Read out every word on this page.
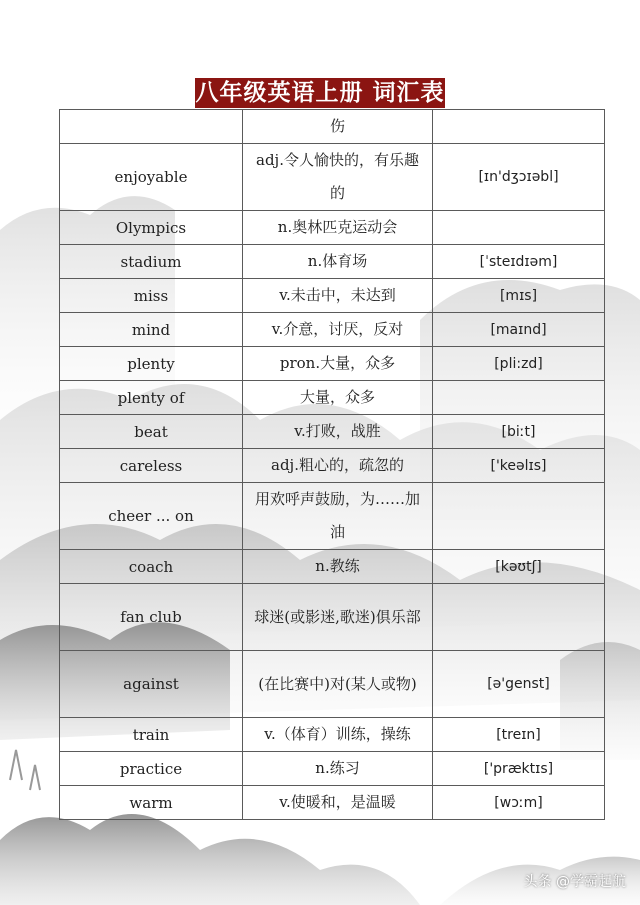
八年级英语上册 词汇表
	伤	
enjoyable	adj.令人愉快的，有乐趣的	[ɪn'dʒɔɪəbl]
Olympics	n.奥林匹克运动会	
stadium	n.体育场	[ˈsteɪdɪəm]
miss	v.未击中，未达到	[mɪs]
mind	v.介意，讨厌，反对	[maɪnd]
plenty	pron.大量，众多	[pli:zd]
plenty of	大量，众多	
beat	v.打败，战胜	[biːt]
careless	adj.粗心的，疏忽的	['keəlɪs]
cheer ... on	用欢呼声鼓励，为……加油	
coach	n.教练	[kəʊtʃ]
fan club	球迷(或影迷,歌迷)俱乐部	
against	(在比赛中)对(某人或物)	[ə'genst]
train	v.（体育）训练，操练	[treɪn]
practice	n.练习	['præktɪs]
warm	v.使暖和，是温暖	[wɔːm]
头条 @学霸起航
